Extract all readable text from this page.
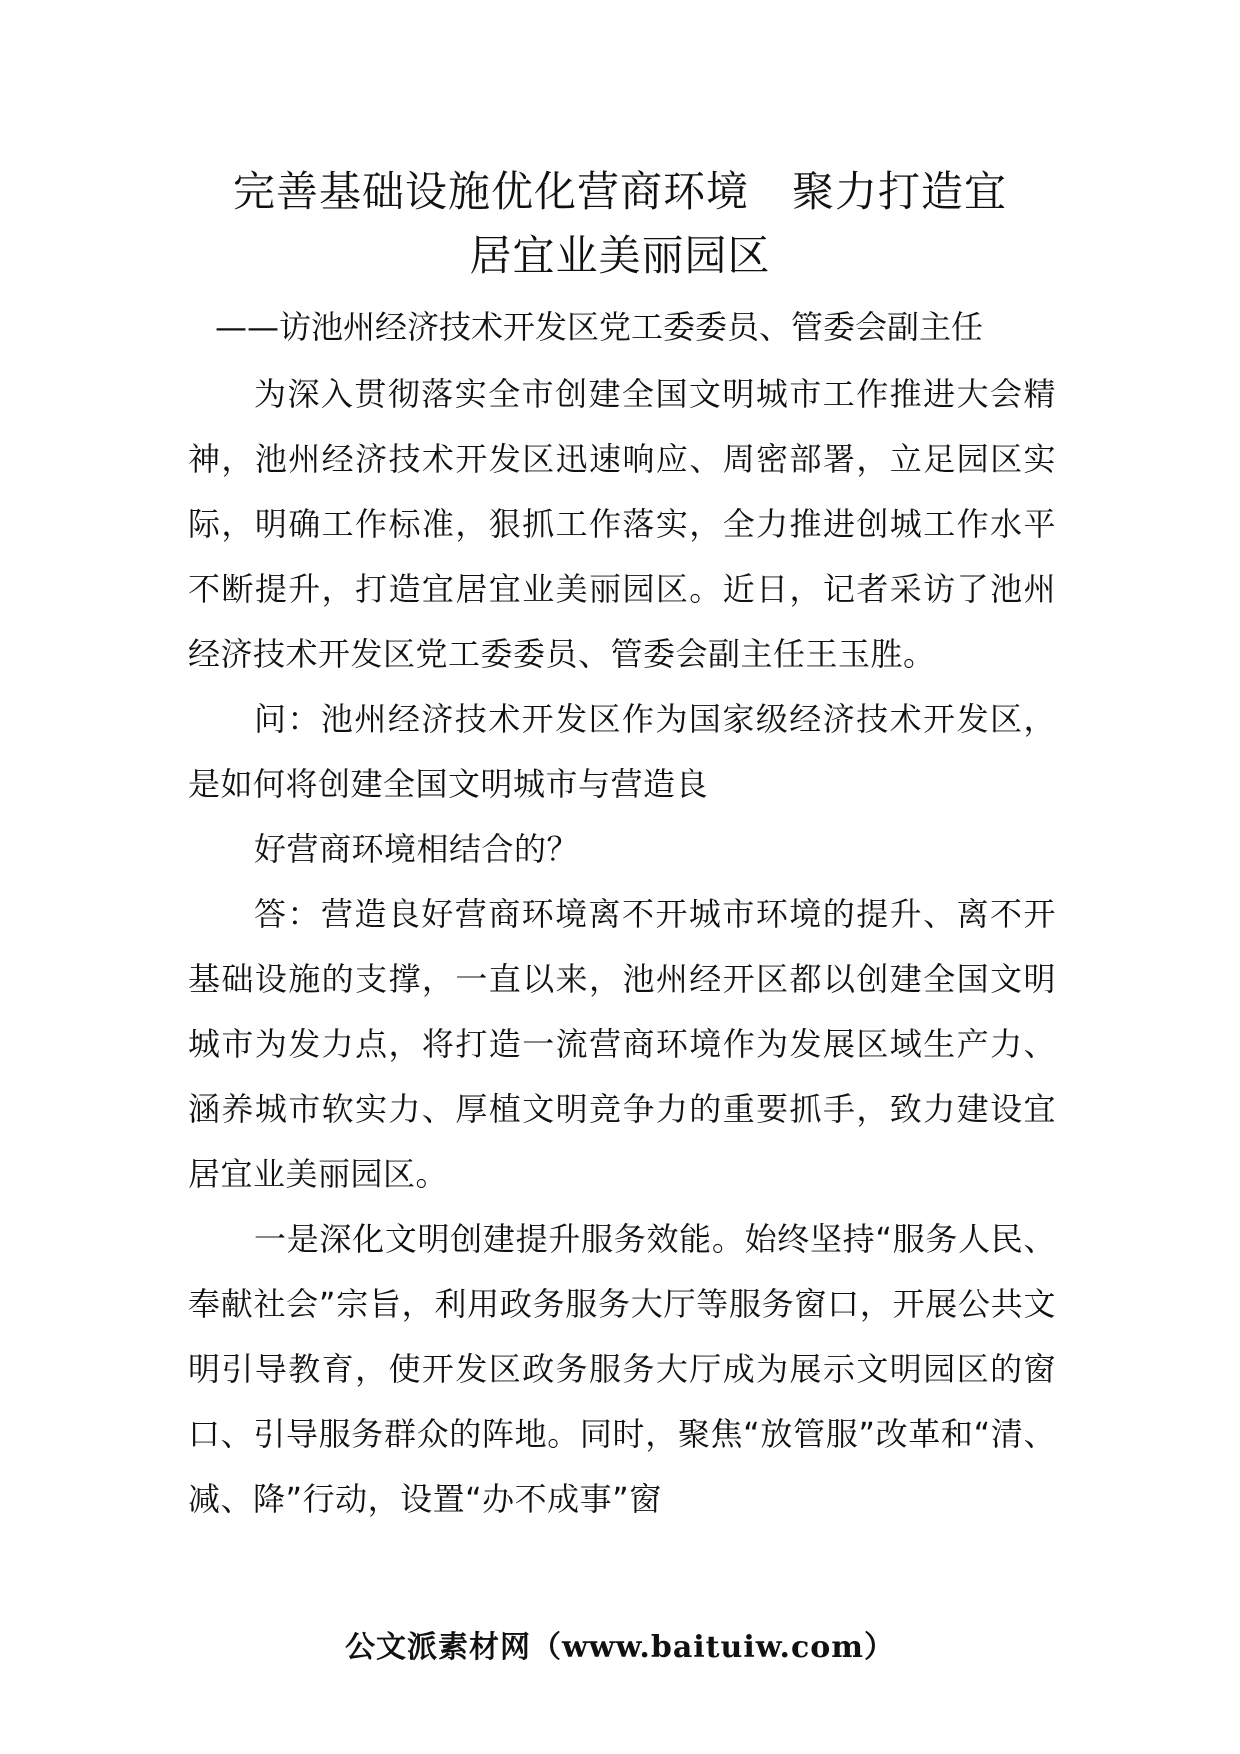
完善基础设施优化营商环境　聚力打造宜
居宜业美丽园区

——访池州经济技术开发区党工委委员、管委会副主任

为深入贯彻落实全市创建全国文明城市工作推进大会精神，池州经济技术开发区迅速响应、周密部署，立足园区实际，明确工作标准，狠抓工作落实，全力推进创城工作水平不断提升，打造宜居宜业美丽园区。近日，记者采访了池州经济技术开发区党工委委员、管委会副主任王玉胜。

问：池州经济技术开发区作为国家级经济技术开发区，是如何将创建全国文明城市与营造良

好营商环境相结合的？

答：营造良好营商环境离不开城市环境的提升、离不开基础设施的支撑，一直以来，池州经开区都以创建全国文明城市为发力点，将打造一流营商环境作为发展区域生产力、涵养城市软实力、厚植文明竞争力的重要抓手，致力建设宜居宜业美丽园区。

一是深化文明创建提升服务效能。始终坚持“服务人民、奉献社会”宗旨，利用政务服务大厅等服务窗口，开展公共文明引导教育，使开发区政务服务大厅成为展示文明园区的窗口、引导服务群众的阵地。同时，聚焦“放管服”改革和“清、减、降”行动，设置“办不成事”窗

公文派素材网（www.baituiw.com）
